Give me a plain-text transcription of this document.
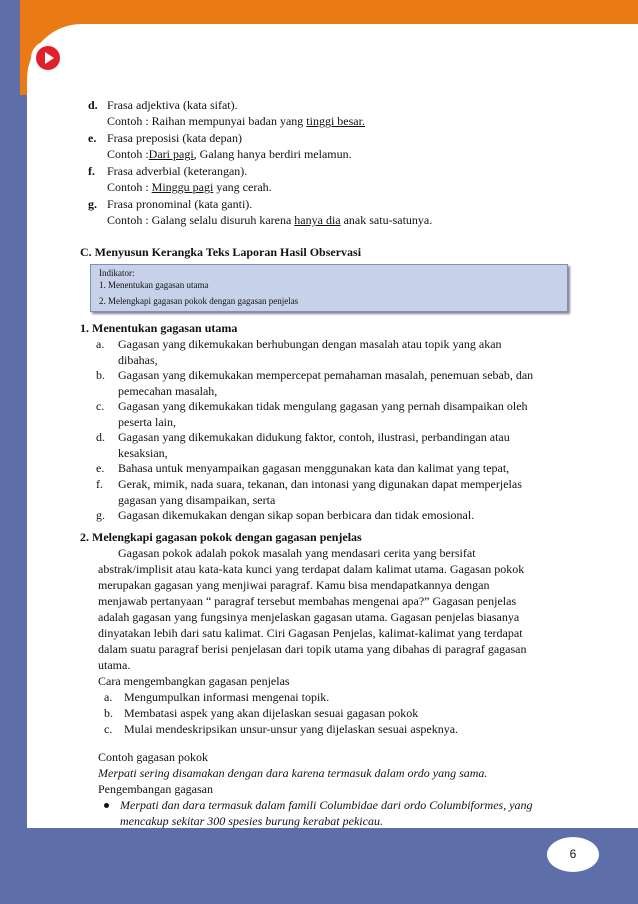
d. Frasa adjektiva (kata sifat).
Contoh : Raihan mempunyai badan yang tinggi besar.
e. Frasa preposisi (kata depan)
Contoh :Dari pagi, Galang hanya berdiri melamun.
f. Frasa adverbial (keterangan).
Contoh : Minggu pagi yang cerah.
g. Frasa pronominal (kata ganti).
Contoh : Galang selalu disuruh karena hanya dia anak satu-satunya.
C. Menyusun Kerangka Teks Laporan Hasil Observasi
Indikator:
1. Menentukan gagasan utama
2. Melengkapi gagasan pokok dengan gagasan penjelas
1. Menentukan gagasan utama
a. Gagasan yang dikemukakan berhubungan dengan masalah atau topik yang akan
dibahas,
b. Gagasan yang dikemukakan mempercepat pemahaman masalah, penemuan sebab, dan
pemecahan masalah,
c. Gagasan yang dikemukakan tidak mengulang gagasan yang pernah disampaikan oleh
peserta lain,
d. Gagasan yang dikemukakan didukung faktor, contoh, ilustrasi, perbandingan atau
kesaksian,
e. Bahasa untuk menyampaikan gagasan menggunakan kata dan kalimat yang tepat,
f. Gerak, mimik, nada suara, tekanan, dan intonasi yang digunakan dapat memperjelas
gagasan yang disampaikan, serta
g. Gagasan dikemukakan dengan sikap sopan berbicara dan tidak emosional.
2. Melengkapi gagasan pokok dengan gagasan penjelas
Gagasan pokok adalah pokok masalah yang mendasari cerita yang bersifat
abstrak/implisit atau kata-kata kunci yang terdapat dalam kalimat utama. Gagasan pokok
merupakan gagasan yang menjiwai paragraf. Kamu bisa mendapatkannya dengan
menjawab pertanyaan “ paragraf tersebut membahas mengenai apa?” Gagasan penjelas
adalah gagasan yang fungsinya menjelaskan gagasan utama. Gagasan penjelas biasanya
dinyatakan lebih dari satu kalimat. Ciri Gagasan Penjelas, kalimat-kalimat yang terdapat
dalam suatu paragraf berisi penjelasan dari topik utama yang dibahas di paragraf gagasan
utama.
Cara mengembangkan gagasan penjelas
a. Mengumpulkan informasi mengenai topik.
b. Membatasi aspek yang akan dijelaskan sesuai gagasan pokok
c. Mulai mendeskripsikan unsur-unsur yang dijelaskan sesuai aspeknya.
Contoh gagasan pokok
Merpati sering disamakan dengan dara karena termasuk dalam ordo yang sama.
Pengembangan gagasan
Merpati dan dara termasuk dalam famili Columbidae dari ordo Columbiformes, yang
mencakup sekitar 300 spesies burung kerabat pekicau.
6
